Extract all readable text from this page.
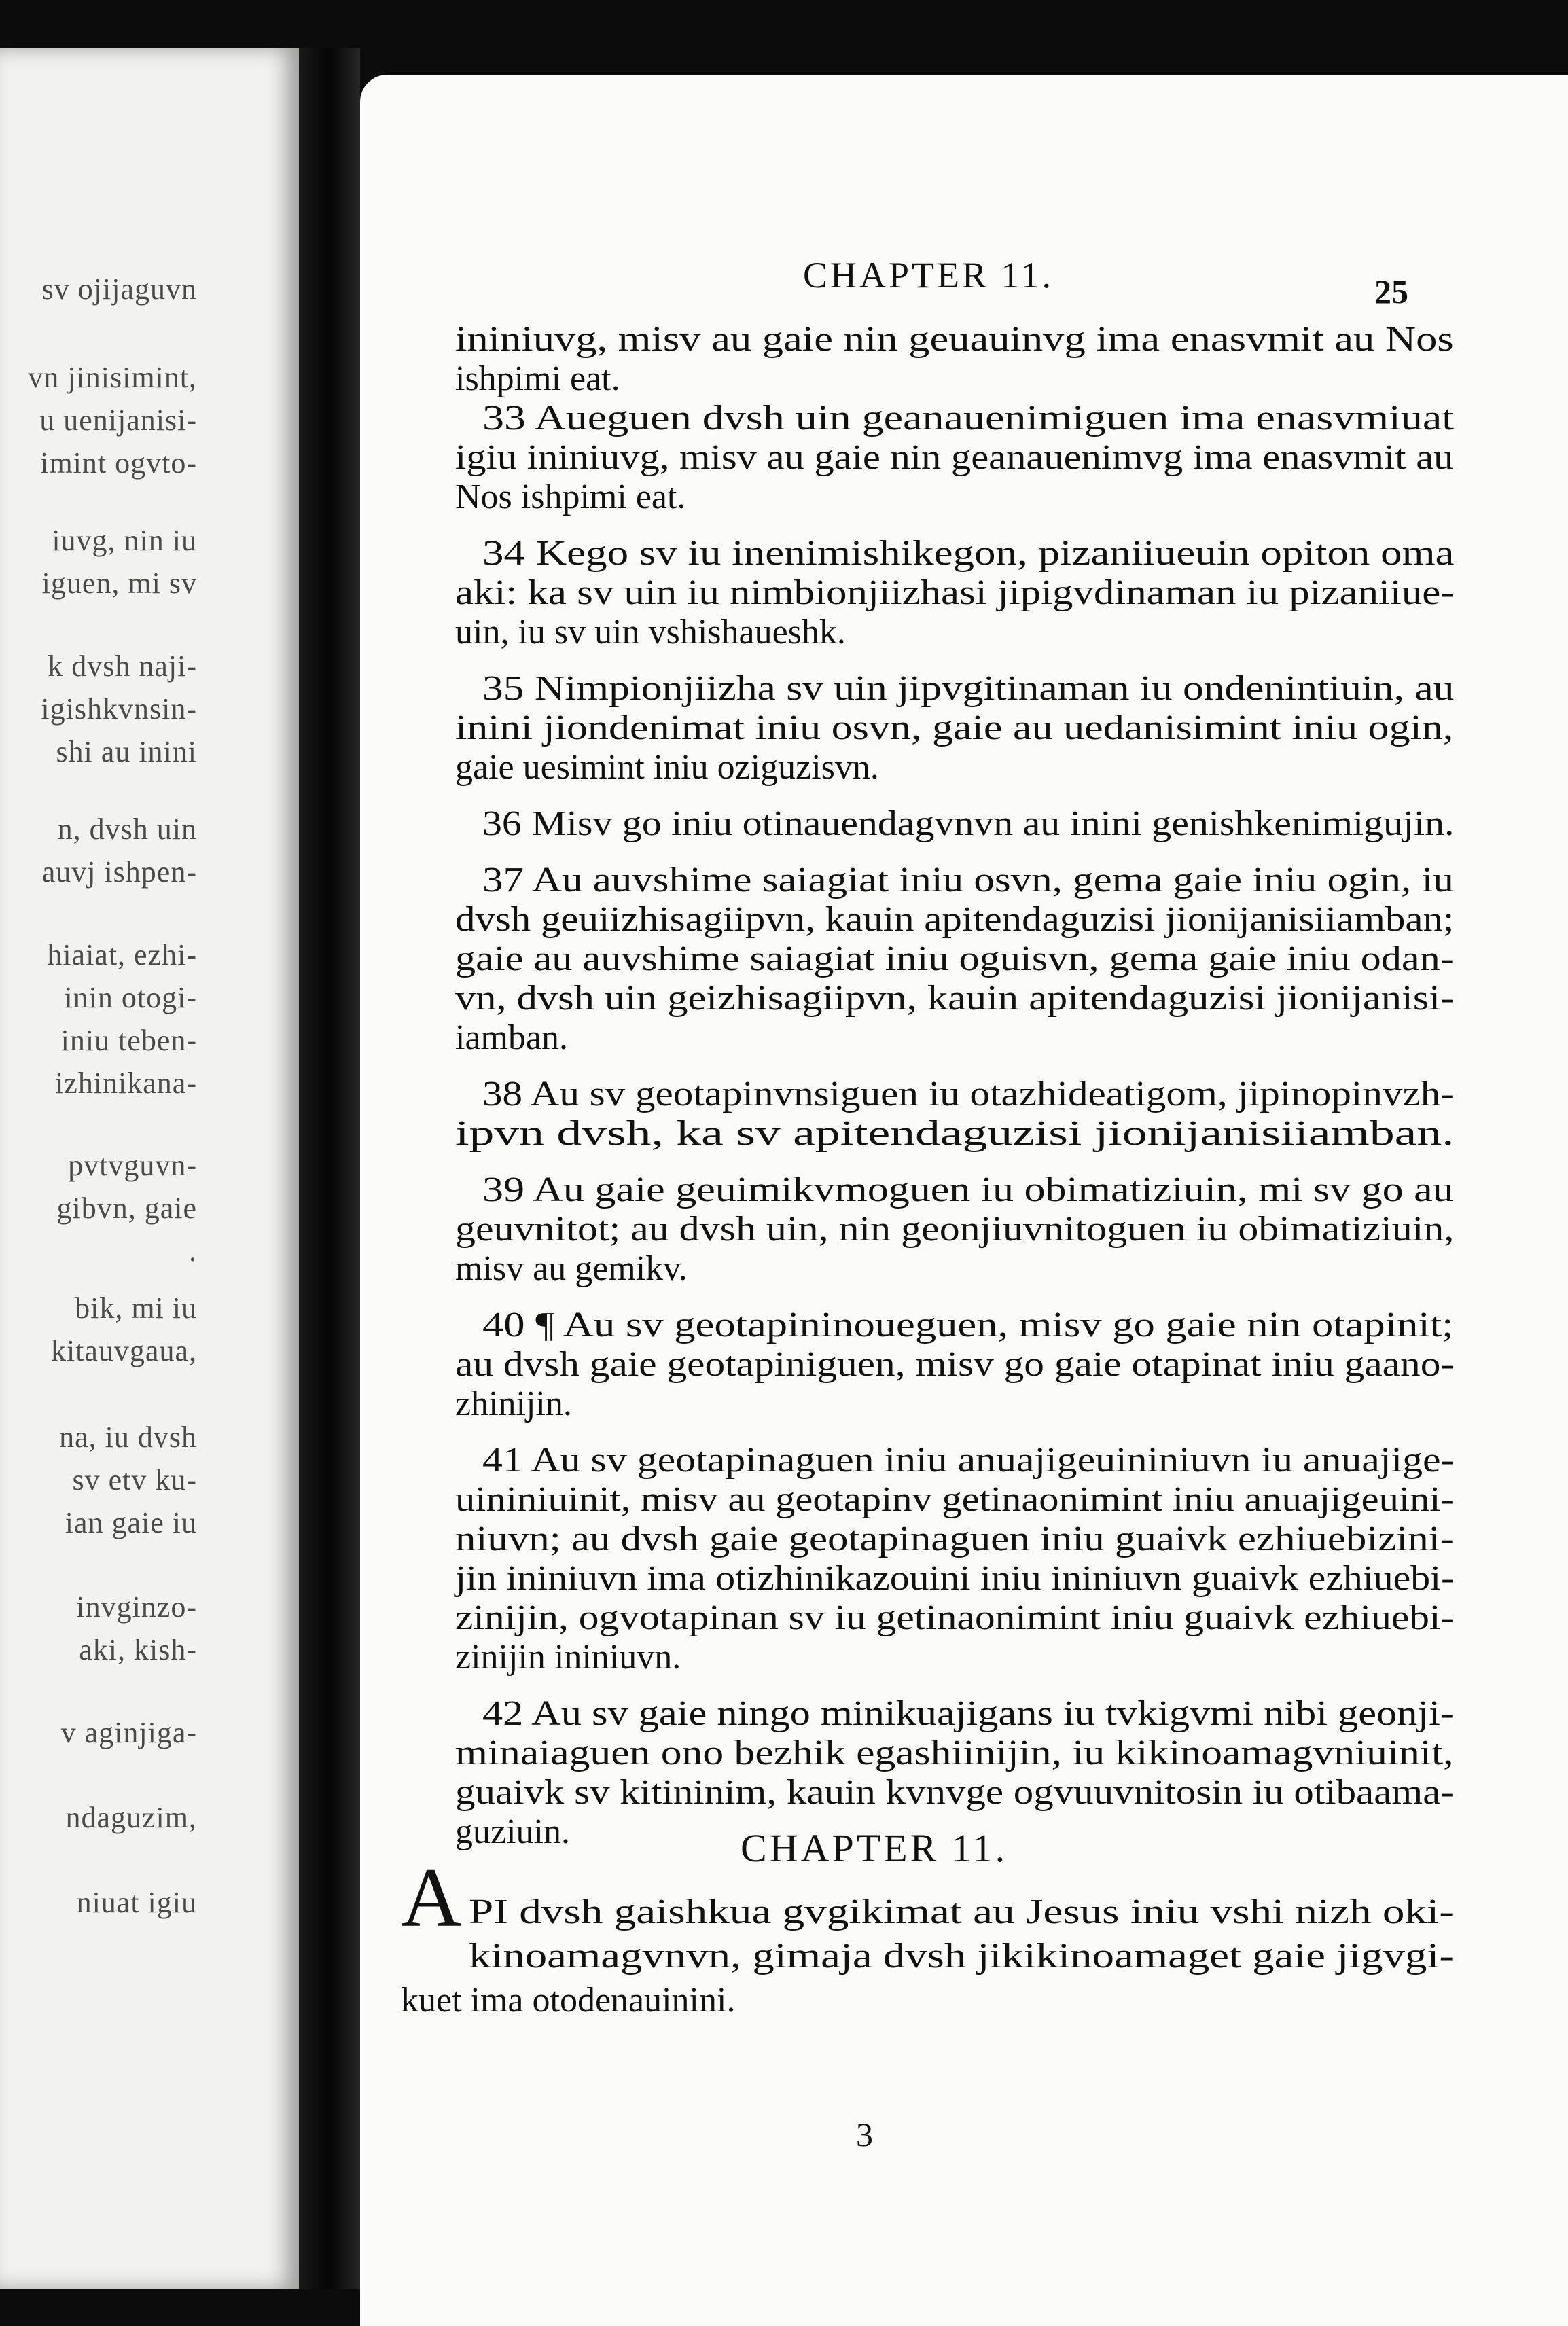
sv ojijaguvn
vn jinisimint,
u uenijanisi-
imint ogvto-
iuvg, nin iu
iguen, mi sv
k dvsh naji-
igishkvnsin-
shi au inini
n, dvsh uin
auvj ishpen-
hiaiat, ezhi-
inin otogi-
iniu teben-
izhinikana-
pvtvguvn-
gibvn, gaie
.
bik, mi iu
kitauvgaua,
na, iu dvsh
sv etv ku-
ian gaie iu
invginzo-
aki, kish-
v aginjiga-
ndaguzim,
niuat igiu
CHAPTER 11.	25
ininiuvg, misv au gaie nin geuauinvg ima enasvmit au Nos
ishpimi eat.
33 Aueguen dvsh uin geanauenimiguen ima enasvmiuat
igiu ininiuvg, misv au gaie nin geanauenimvg ima enasvmit au
Nos ishpimi eat.
34 Kego sv iu inenimishikegon, pizaniiueuin opiton oma
aki: ka sv uin iu nimbionjiizhasi jipigvdinaman iu pizaniiue-
uin, iu sv uin vshishaueshk.
35 Nimpionjiizha sv uin jipvgitinaman iu ondenintiuin, au
inini jiondenimat iniu osvn, gaie au uedanisimint iniu ogin,
gaie uesimint iniu oziguzisvn.
36 Misv go iniu otinauendagvnvn au inini genishkenimigujin.
37 Au auvshime saiagiat iniu osvn, gema gaie iniu ogin, iu
dvsh geuiizhisagiipvn, kauin apitendaguzisi jionijanisiiamban;
gaie au auvshime saiagiat iniu oguisvn, gema gaie iniu odan-
vn, dvsh uin geizhisagiipvn, kauin apitendaguzisi jionijanisi-
iamban.
38 Au sv geotapinvnsiguen iu otazhideatigom, jipinopinvzh-
ipvn dvsh, ka sv apitendaguzisi jionijanisiiamban.
39 Au gaie geuimikvmoguen iu obimatiziuin, mi sv go au
geuvnitot; au dvsh uin, nin geonjiuvnitoguen iu obimatiziuin,
misv au gemikv.
40 ¶ Au sv geotapininoueguen, misv go gaie nin otapinit;
au dvsh gaie geotapiniguen, misv go gaie otapinat iniu gaano-
zhinijin.
41 Au sv geotapinaguen iniu anuajigeuininiuvn iu anuajige-
uininiuinit, misv au geotapinv getinaonimint iniu anuajigeuini-
niuvn; au dvsh gaie geotapinaguen iniu guaivk ezhiuebizini-
jin ininiuvn ima otizhinikazouini iniu ininiuvn guaivk ezhiuebi-
zinijin, ogvotapinan sv iu getinaonimint iniu guaivk ezhiuebi-
zinijin ininiuvn.
42 Au sv gaie ningo minikuajigans iu tvkigvmi nibi geonji-
minaiaguen ono bezhik egashiinijin, iu kikinoamagvniuinit,
guaivk sv kitininim, kauin kvnvge ogvuuvnitosin iu otibaama-
guziuin.	CHAPTER 11.
A PI dvsh gaishkua gvgikimat au Jesus iniu vshi nizh oki-
kinoamagvnvn, gimaja dvsh jikikinoamaget gaie jigvgi-
kuet ima otodenauinini.
3
